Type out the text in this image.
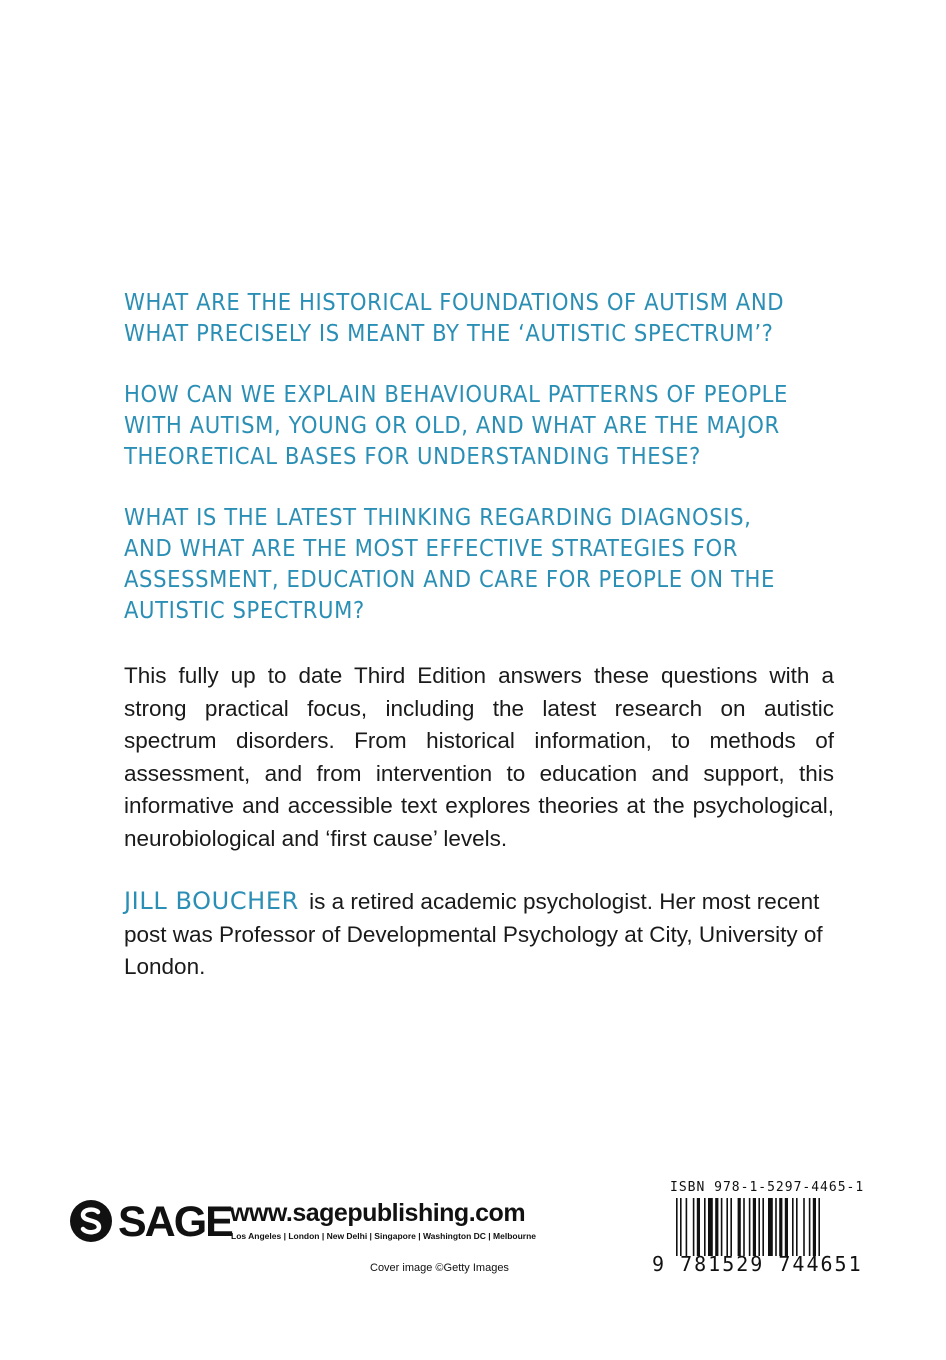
WHAT ARE THE HISTORICAL FOUNDATIONS OF AUTISM AND
WHAT PRECISELY IS MEANT BY THE ‘AUTISTIC SPECTRUM’?

HOW CAN WE EXPLAIN BEHAVIOURAL PATTERNS OF PEOPLE
WITH AUTISM, YOUNG OR OLD, AND WHAT ARE THE MAJOR
THEORETICAL BASES FOR UNDERSTANDING THESE?

WHAT IS THE LATEST THINKING REGARDING DIAGNOSIS,
AND WHAT ARE THE MOST EFFECTIVE STRATEGIES FOR
ASSESSMENT, EDUCATION AND CARE FOR PEOPLE ON THE
AUTISTIC SPECTRUM?

This fully up to date Third Edition answers these questions with a strong practical focus, including the latest research on autistic spectrum disorders. From historical information, to methods of assessment, and from intervention to education and support, this informative and accessible text explores theories at the psychological, neurobiological and ‘first cause’ levels.

JILL BOUCHER is a retired academic psychologist. Her most recent post was Professor of Developmental Psychology at City, University of London.

SAGE
www.sagepublishing.com
Los Angeles | London | New Delhi | Singapore | Washington DC | Melbourne
Cover image ©Getty Images
ISBN 978-1-5297-4465-1
9 781529 744651
